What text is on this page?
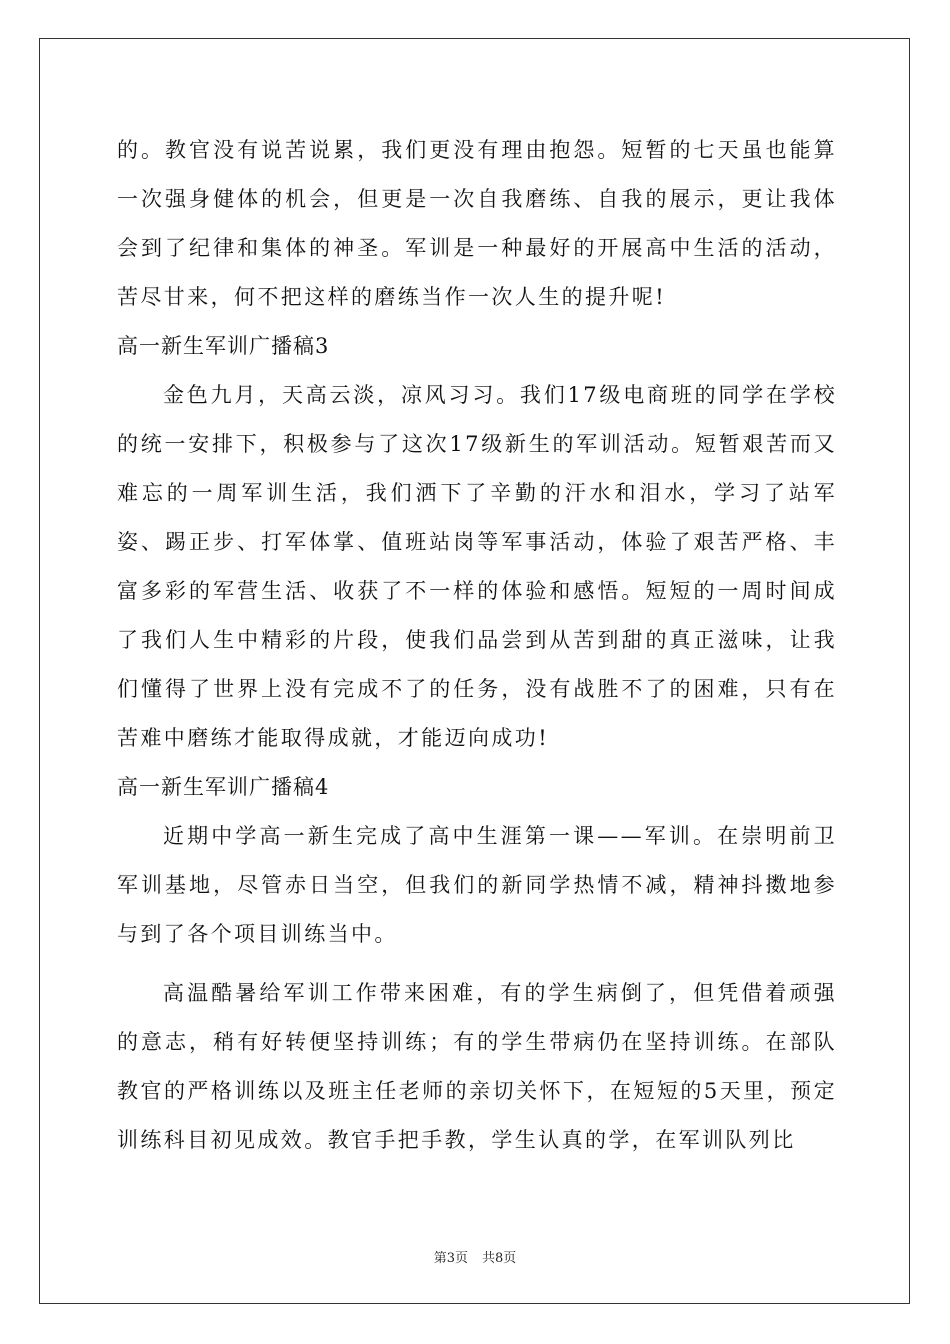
的。教官没有说苦说累，我们更没有理由抱怨。短暂的七天虽也能算一次强身健体的机会，但更是一次自我磨练、自我的展示，更让我体会到了纪律和集体的神圣。军训是一种最好的开展高中生活的活动，苦尽甘来，何不把这样的磨练当作一次人生的提升呢!

高一新生军训广播稿3

金色九月，天高云淡，凉风习习。我们17级电商班的同学在学校的统一安排下，积极参与了这次17级新生的军训活动。短暂艰苦而又难忘的一周军训生活，我们洒下了辛勤的汗水和泪水，学习了站军姿、踢正步、打军体掌、值班站岗等军事活动，体验了艰苦严格、丰富多彩的军营生活、收获了不一样的体验和感悟。短短的一周时间成了我们人生中精彩的片段，使我们品尝到从苦到甜的真正滋味，让我们懂得了世界上没有完成不了的任务，没有战胜不了的困难，只有在苦难中磨练才能取得成就，才能迈向成功!

高一新生军训广播稿4

近期中学高一新生完成了高中生涯第一课——军训。在崇明前卫军训基地，尽管赤日当空，但我们的新同学热情不减，精神抖擞地参与到了各个项目训练当中。

高温酷暑给军训工作带来困难，有的学生病倒了，但凭借着顽强的意志，稍有好转便坚持训练；有的学生带病仍在坚持训练。在部队教官的严格训练以及班主任老师的亲切关怀下，在短短的5天里，预定训练科目初见成效。教官手把手教，学生认真的学，在军训队列比

第3页 共8页
